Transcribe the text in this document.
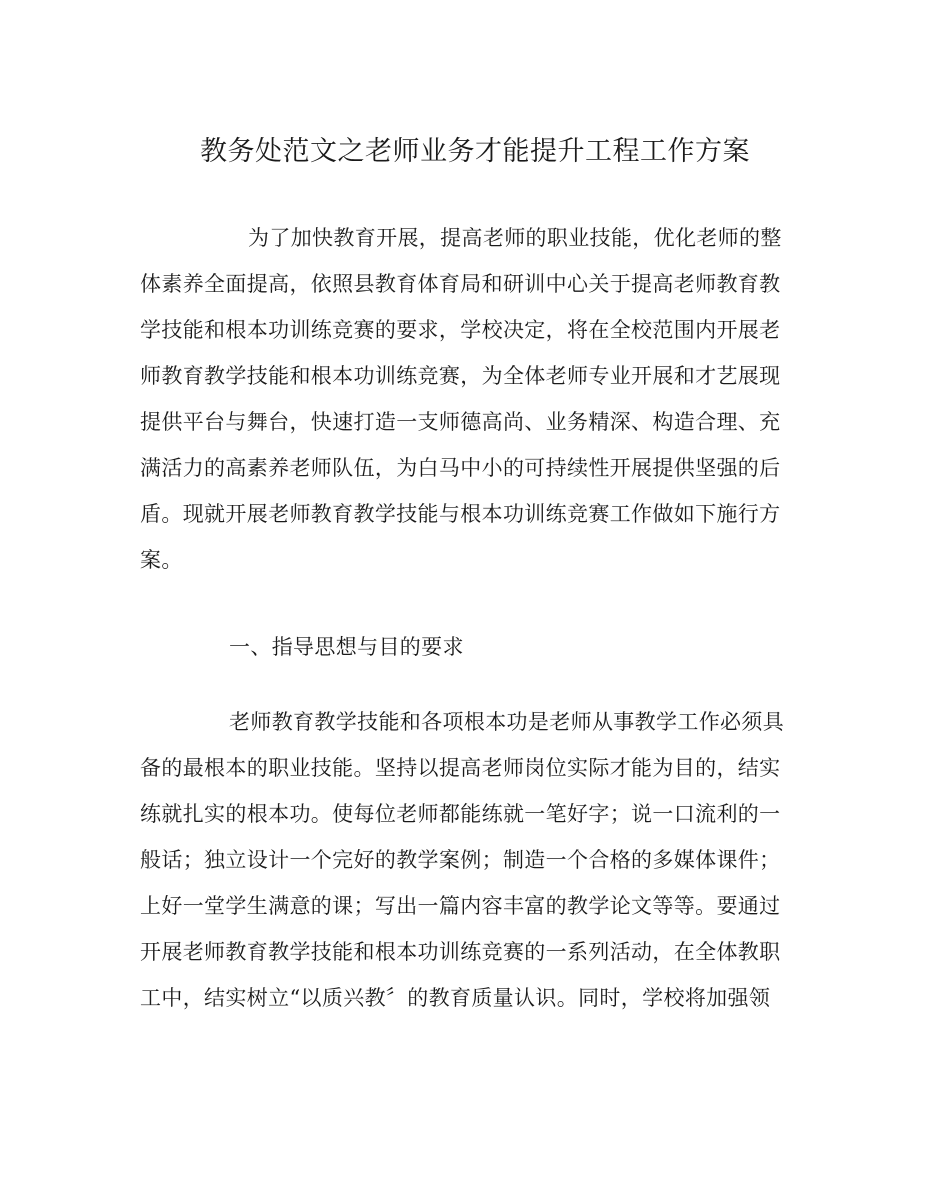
教务处范文之老师业务才能提升工程工作方案
为了加快教育开展，提高老师的职业技能，优化老师的整
体素养全面提高，依照县教育体育局和研训中心关于提高老师教育教
学技能和根本功训练竞赛的要求，学校决定，将在全校范围内开展老
师教育教学技能和根本功训练竞赛，为全体老师专业开展和才艺展现
提供平台与舞台，快速打造一支师德高尚、业务精深、构造合理、充
满活力的高素养老师队伍，为白马中小的可持续性开展提供坚强的后
盾。现就开展老师教育教学技能与根本功训练竞赛工作做如下施行方
案。
一、指导思想与目的要求
老师教育教学技能和各项根本功是老师从事教学工作必须具
备的最根本的职业技能。坚持以提高老师岗位实际才能为目的，结实
练就扎实的根本功。使每位老师都能练就一笔好字；说一口流利的一
般话；独立设计一个完好的教学案例；制造一个合格的多媒体课件；
上好一堂学生满意的课；写出一篇内容丰富的教学论文等等。要通过
开展老师教育教学技能和根本功训练竞赛的一系列活动，在全体教职
工中，结实树立“以质兴教〞的教育质量认识。同时，学校将加强领
